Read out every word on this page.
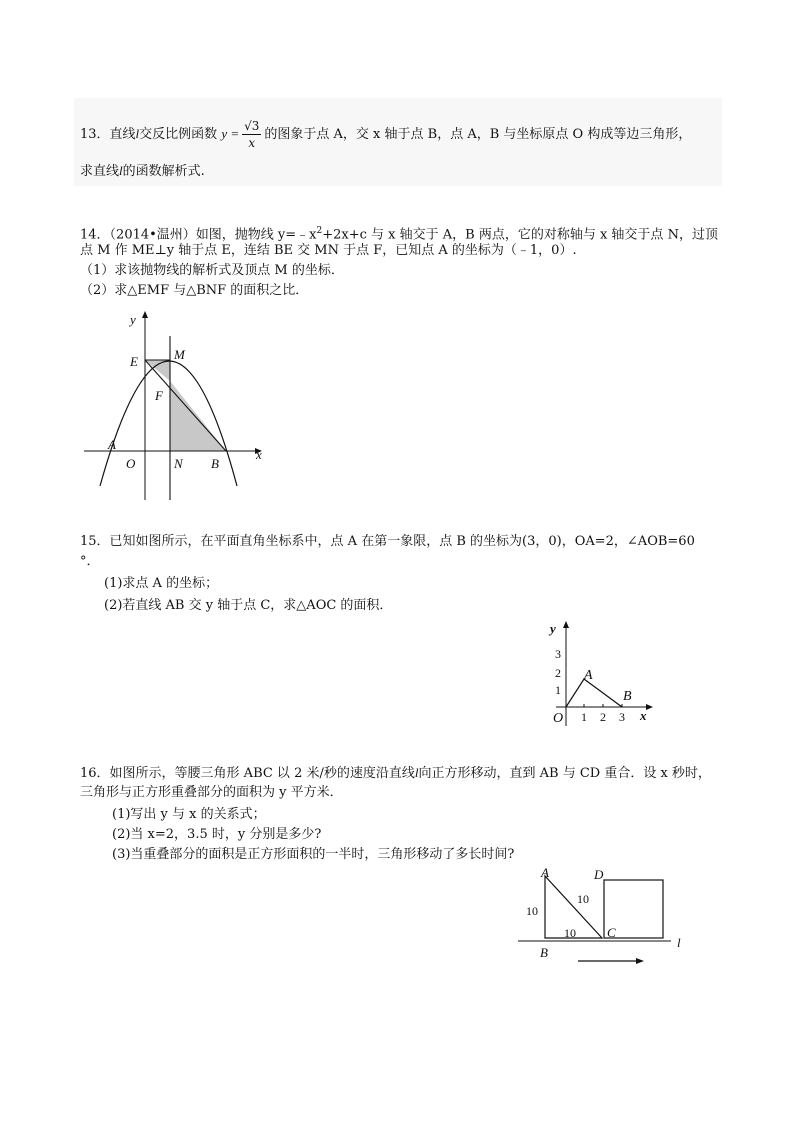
13．直线l交反比例函数 $y = \frac{√3}{x}$ 的图象于点 A，交 x 轴于点 B，点 A，B 与坐标原点 O 构成等边三角形，
求直线l的函数解析式.
14．（2014•温州）如图，抛物线 $y=﹣x^2+2x+c$ 与 x 轴交于 A，B 两点，它的对称轴与 x 轴交于点 N，过顶
点 M 作 ME⊥y 轴于点 E，连结 BE 交 MN 于点 F，已知点 A 的坐标为（﹣1，0）.
（1）求该抛物线的解析式及顶点 M 的坐标．
（2）求△EMF 与△BNF 的面积之比．
y
x
E	M
F
A
O	N B
15．已知如图所示，在平面直角坐标系中，点 A 在第一象限，点 B 的坐标为(3，0)，OA=2，∠AOB=60
°．
(1)求点 A 的坐标；
(2)若直线 AB 交 y 轴于点 C，求△AOC 的面积．
y
x
3
2
1
1 2 3
O
A
B
16．如图所示，等腰三角形 ABC 以 2 米/秒的速度沿直线l向正方形移动，直到 AB 与 CD 重合．设 x 秒时，
三角形与正方形重叠部分的面积为 y 平方米．
(1)写出 y 与 x 的关系式；
(2)当 x=2，3.5 时，y 分别是多少?
(3)当重叠部分的面积是正方形面积的一半时，三角形移动了多长时间?
A
B
C
D
l
10
10
10
